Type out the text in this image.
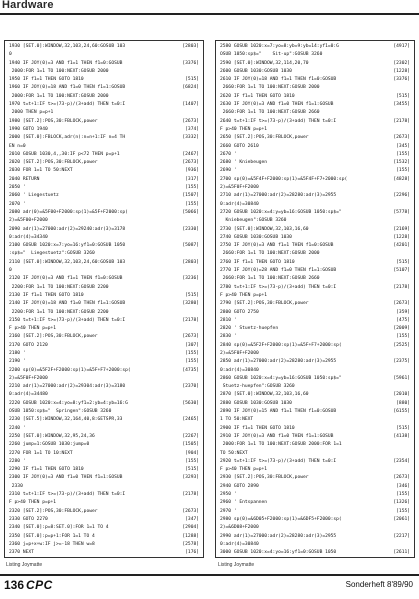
Hardware
1930 [SET.0]:WINDOW,32,103,24,60:GOSUB 103	[2803]
0
1940 IF JOY(0)=3 AND f1=1 THEN f1=0:GOSUB	[3376]
2000:FOR 1=1 TO 100:NEXT:GOSUB 2000
1950 IF f1=1 THEN GOTO 1810	[515]
1960 IF JOY(0)=18 AND f1=0 THEN f1=1:GOSUB	[6824]
2000:FOR 1=1 TO 100:NEXT:GOSUB 2000
1970 t=t+1:IF t>=(73-p)/(3+add) THEN t=0:I	[1407]
2000 THEN p=p+1
1980 [SET.2]:POS,30:FBLOCK,power	[2673]
1990 GOTO 1940	[374]
2000 [SET.0]:FBLOCK,adr(n):n=n+1:IF n=4 TH	[3332]
EN n=0
2010 GOSUB 1030,4,,30:IF p<72 THEN p=p+1	[2467]
2020 [SET.2]:POS,30:FBLOCK,power	[2673]
2030 FOR 1=1 TO 50:NEXT	[936]
2040 RETURN	[317]
2050 '	[155]
2060 ' Liegestuetz	[1507]
2070 '	[155]
2080 adr(0)=&5F00+F2000:sp(1)=&5F+F2000:sp(	[5066]
2)=&5F00+F2000
2090 adr(1)=27000:adr(2)=29240:adr(3)=3178	[2330]
0:adr(4)=34340
2100 GOSUB 1020:x=7:yo=16:yf1=0:GOSUB 1050	[5087]
:sp$="  Liegestuetz":GOSUB 3260
2110 [SET.0]:WINDOW,32,103,24,60:GOSUB 103	[2803]
0
2120 IF JOY(0)=3 AND f1=1 THEN f1=0:GOSUB	[3236]
2200:FOR 1=1 TO 100:NEXT:GOSUB 2200
2130 IF f1=1 THEN GOTO 1810	[515]
2140 IF JOY(0)=18 AND f1=0 THEN f1=1:GOSUB	[3280]
2200:FOR 1=1 TO 100:NEXT:GOSUB 2200
2150 t=t+1:IF t>=(73-p)/(3+add) THEN t=0:I	[2178]
F p>40 THEN p=p+1
2160 [SET.2]:POS,30:FBLOCK,power	[2673]
2170 GOTO 2120	[307]
2180 '	[155]
2190 '	[155]
2200 sp(0)=&5F2F+F2000:sp(1)=&5F+F7+2000:sp(	[4735]
2)=&5F0F+F2000
2210 adr(1)=27000:adr(2)=29304:adr(3)=3180	[2370]
0:adr(4)=34480
2220 GOSUB 1020:x=4:yo=8:yf1=2:yb=4:yb=16:G	[5630]
OSUB 1050:sp$="  Springen":GOSUB 3260
2230 [SET.5]:WINDOW,32,164,40,8:GETSPR,33	[2465]
2240 '
2250 [SET.0]:WINDOW,32,95,24,36	[2267]
2260 jump=1:GOSUB 1030:jump=0	[1505]
2270 FOR 1=1 TO 10:NEXT	[904]
2280 '	[155]
2290 IF f1=1 THEN GOTO 1810	[515]
2300 IF JOY(0)=3 AND f1=0 THEN f1=1:GOSUB	[3293]
2330
2310 t=t+1:IF t>=(73-p)/(3+add) THEN t=0:I	[2178]
F p>40 THEN p=p+1
2320 [SET.2]:POS,30:FBLOCK,power	[2673]
2330 GOTO 2270	[347]
2340 [SET.0]:p=8:SET.0]:FOR 1=1 TO 4	[2904]
2350 [SET.0]:p=p+1:FOR 1=1 TO 4	[1288]
2360 j=p+x+w:IF j>=-18 THEN w=8	[2578]
2370 NEXT	[176]
Listing Joymatte
2580 GOSUB 1020:x=7:yo=8:yb=9:yb=14:yf1=0:G	[4917]
OSUB 1050:sp$="    Sit-up":GOSUB 3260
2590 [SET.0]:WINDOW,32,114,20,70	[2302]
2600 GOSUB 1030:GOSUB 1030	[1228]
2610 IF JOY(0)=18 AND f1=1 THEN f1=0:GOSUB	[3376]
2660:FOR 1=1 TO 100:NEXT:GOSUB 2000
2620 IF f1=1 THEN GOTO 1810	[515]
2630 IF JOY(0)=3 AND f1=0 THEN f1=1:GOSUB	[3455]
2660:FOR 1=1 TO 100:NEXT:GOSUB 2660
2640 t=t+1:IF t>=(73-p)/(3+add) THEN t=0:I	[2178]
F p>40 THEN p=p+1
2650 [SET.2]:POS,30:FBLOCK,power	[2673]
2660 GOTO 2610	[345]
2670 '	[155]
2680 ' Kniebeugen	[1532]
2690 '	[155]
2700 sp(0)=&5F4F+F2000:sp(1)=&5F4F+F7+2000:sp(	[4828]
2)=&5F0F+F2000
2710 adr(1)=27000:adr(2)=28280:adr(3)=2955	[2296]
0:adr(4)=30840
2720 GOSUB 1020:x=4:y=yb=16:GOSUB 1050:sp$="	[5778]
Kniebeugen":GOSUB 3260
2730 [SET.0]:WINDOW,32,103,16,60	[2169]
2740 GOSUB 1030:GOSUB 1030	[1228]
2750 IF JOY(0)=3 AND f1=1 THEN f1=0:GOSUB	[4201]
2660:FOR 1=1 TO 100:NEXT:GOSUB 2000
2760 IF f1=1 THEN GOTO 1810	[515]
2770 IF JOY(0)=28 AND f1=0 THEN f1=1:GOSUB	[5107]
2660:FOR 1=1 TO 100:NEXT:GOSUB 2660
2780 t=t+1:IF t>=(73-p)/(3+add) THEN t=0:I	[2178]
F p>40 THEN p=p+1
2790 [SET.2]:POS,30:FBLOCK,power	[2673]
2800 GOTO 2750	[359]
2810 '	[475]
2820 ' Stuetz-huepfen	[2009]
2830 '	[155]
2840 sp(0)=&5F2F+F2000:sp(1)=&5F+F7+2000:sp(	[2525]
2)=&5F0F+F2000
2850 adr(1)=27000:adr(2)=28280:adr(3)=2955	[2375]
0:adr(4)=30840
2860 GOSUB 1020:x=4:y=yb=16:GOSUB 1050:sp$="	[5961]
Stuetz-huepfen":GOSUB 3260
2870 [SET.0]:WINDOW,32,103,16,60	[2010]
2880 GOSUB 1030:GOSUB 1030	[880]
2890 IF JOY(0)=15 AND f1=1 THEN f1=0:GOSUB	[6155]
1 TO 50:NEXT
2900 IF f1=1 THEN GOTO 1810	[515]
2910 IF JOY(0)=3 AND f1=0 THEN f1=1:GOSUB	[4138]
2000:FOR 1=1 TO 100:NEXT:GOSUB 2000:FOR 1=1
TO 50:NEXT
2920 t=t+1:IF t>=(73-p)/(3+add) THEN t=0:I	[2354]
F p>40 THEN p=p+1
2930 [SET.2]:POS,30:FBLOCK,power	[2673]
2940 GOTO 2890	[346]
2950 '	[155]
2960 ' Entspannen	[1326]
2970 '	[155]
2980 sp(0)=&6D05+F2000:sp(1)=&6DF5+F2000:sp(	[2061]
2)=&6D08+F2000
2990 adr(1)=27000:adr(2)=28280:adr(3)=2955	[2217]
0:adr(4)=30840
3000 GOSUB 1020:x=4:yo=16:yf1=0:GOSUB 1050	[2611]
Listing Joymatte
136 CPC	Sonderheft 8'89/90
